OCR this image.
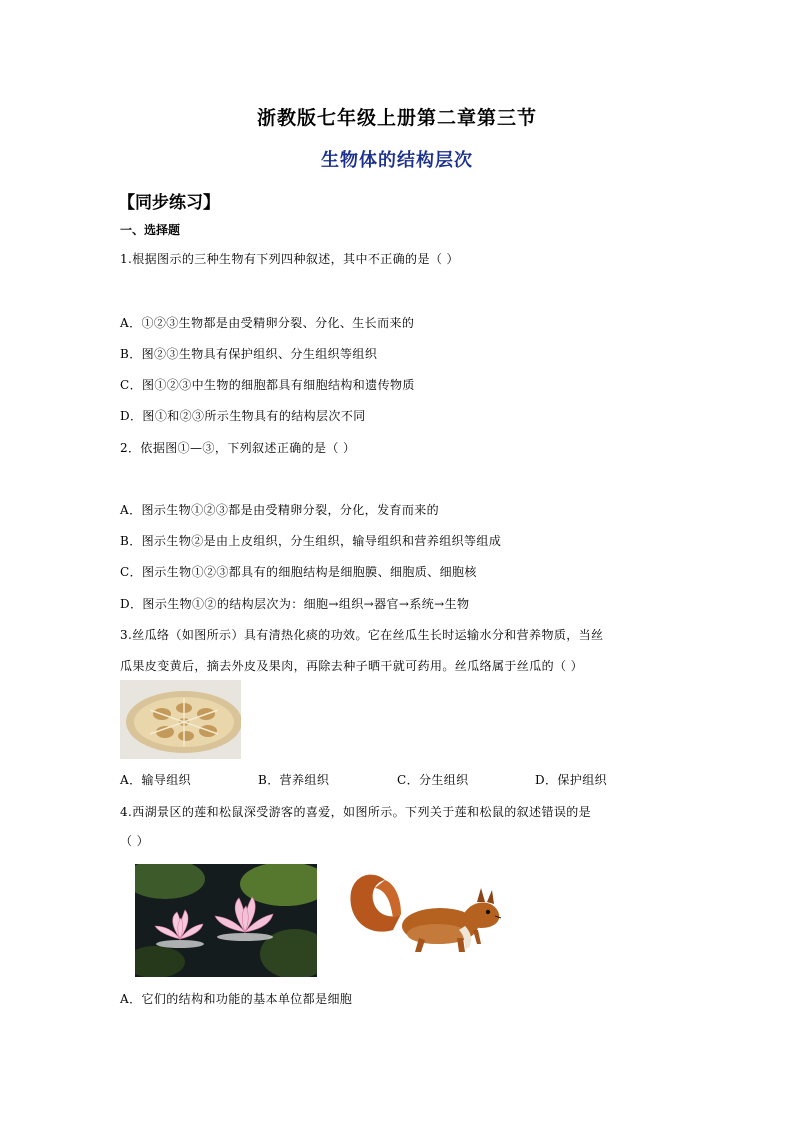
浙教版七年级上册第二章第三节
生物体的结构层次
【同步练习】
一、选择题
1.根据图示的三种生物有下列四种叙述，其中不正确的是（ ）
A．①②③生物都是由受精卵分裂、分化、生长而来的
B．图②③生物具有保护组织、分生组织等组织
C．图①②③中生物的细胞都具有细胞结构和遗传物质
D．图①和②③所示生物具有的结构层次不同
2．依据图①—③，下列叙述正确的是（ ）
A．图示生物①②③都是由受精卵分裂，分化，发育而来的
B．图示生物②是由上皮组织，分生组织，输导组织和营养组织等组成
C．图示生物①②③都具有的细胞结构是细胞膜、细胞质、细胞核
D．图示生物①②的结构层次为：细胞→组织→器官→系统→生物
3.丝瓜络（如图所示）具有清热化痰的功效。它在丝瓜生长时运输水分和营养物质，当丝
瓜果皮变黄后，摘去外皮及果肉，再除去种子晒干就可药用。丝瓜络属于丝瓜的（ ）
A．输导组织	B．营养组织	C．分生组织	D．保护组织
4.西湖景区的莲和松鼠深受游客的喜爱，如图所示。下列关于莲和松鼠的叙述错误的是
（ ）
A．它们的结构和功能的基本单位都是细胞
